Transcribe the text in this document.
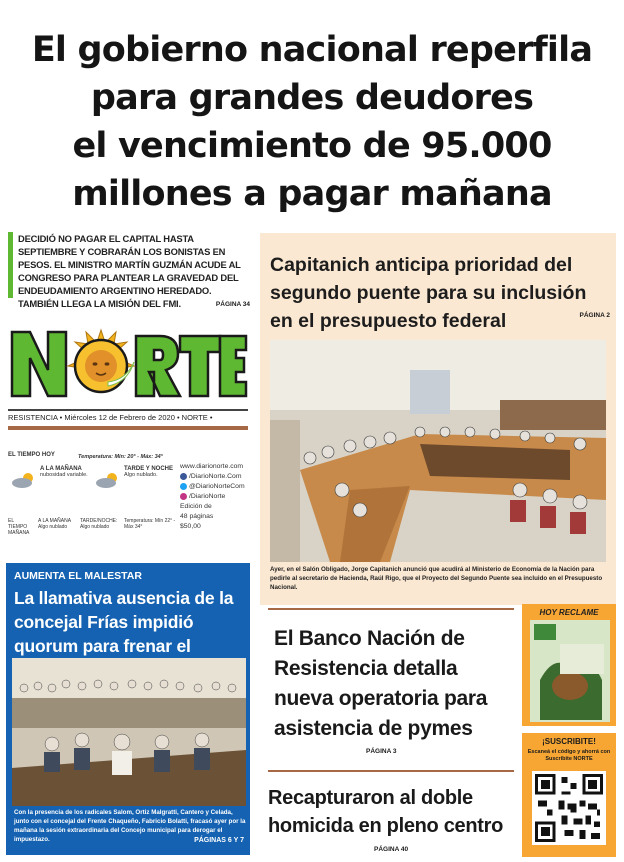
El gobierno nacional reperfila
para grandes deudores
el vencimiento de 95.000
millones a pagar mañana
DECIDIÓ NO PAGAR EL CAPITAL HASTA SEPTIEMBRE Y COBRARÁN LOS BONISTAS EN PESOS. EL MINISTRO MARTÍN GUZMÁN ACUDE AL CONGRESO PARA PLANTEAR LA GRAVEDAD DEL ENDEUDAMIENTO ARGENTINO HEREDADO. TAMBIÉN LLEGA LA MISIÓN DEL FMI.	PÁGINA 34
RESISTENCIA • Miércoles 12 de Febrero de 2020 • NORTE •
EL TIEMPO HOY
A LA MAÑANA
nubosidad variable.
Temperatura: Mín: 20° - Máx: 34°
TARDE Y NOCHE
Algo nublado.
EL TIEMPO MAÑANA
A LA MAÑANA Algo nublado
TARDE/NOCHE: Algo nublado
Temperatura: Mín 22° - Máx 34°
www.diarionorte.com
/DiarioNorte.Com
@DiarioNorteCom
/DiarioNorte
Edición de
48 páginas
$50,00
Capitanich anticipa prioridad del segundo puente para su inclusión en el presupuesto federal	PÁGINA 2
Ayer, en el Salón Obligado, Jorge Capitanich anunció que acudirá al Ministerio de Economía de la Nación para pedirle al secretario de Hacienda, Raúl Rigo, que el Proyecto del Segundo Puente sea incluido en el Presupuesto Nacional.
AUMENTA EL MALESTAR
La llamativa ausencia de la concejal Frías impidió quorum para frenar el
Con la presencia de los radicales Salom, Ortiz Malgratti, Cantero y Celada, junto con el concejal del Frente Chaqueño, Fabricio Bolatti, fracasó ayer por la mañana la sesión extraordinaria del Concejo municipal para derogar el impuestazo.	PÁGINAS 6 Y 7
El Banco Nación de Resistencia detalla nueva operatoria para asistencia de pymes
PÁGINA 3
Recapturaron al doble homicida en pleno centro
PÁGINA 40
HOY RECLAME
¡SUSCRIBITE!
Escaneá el código y ahorrá con Suscribite NORTE
